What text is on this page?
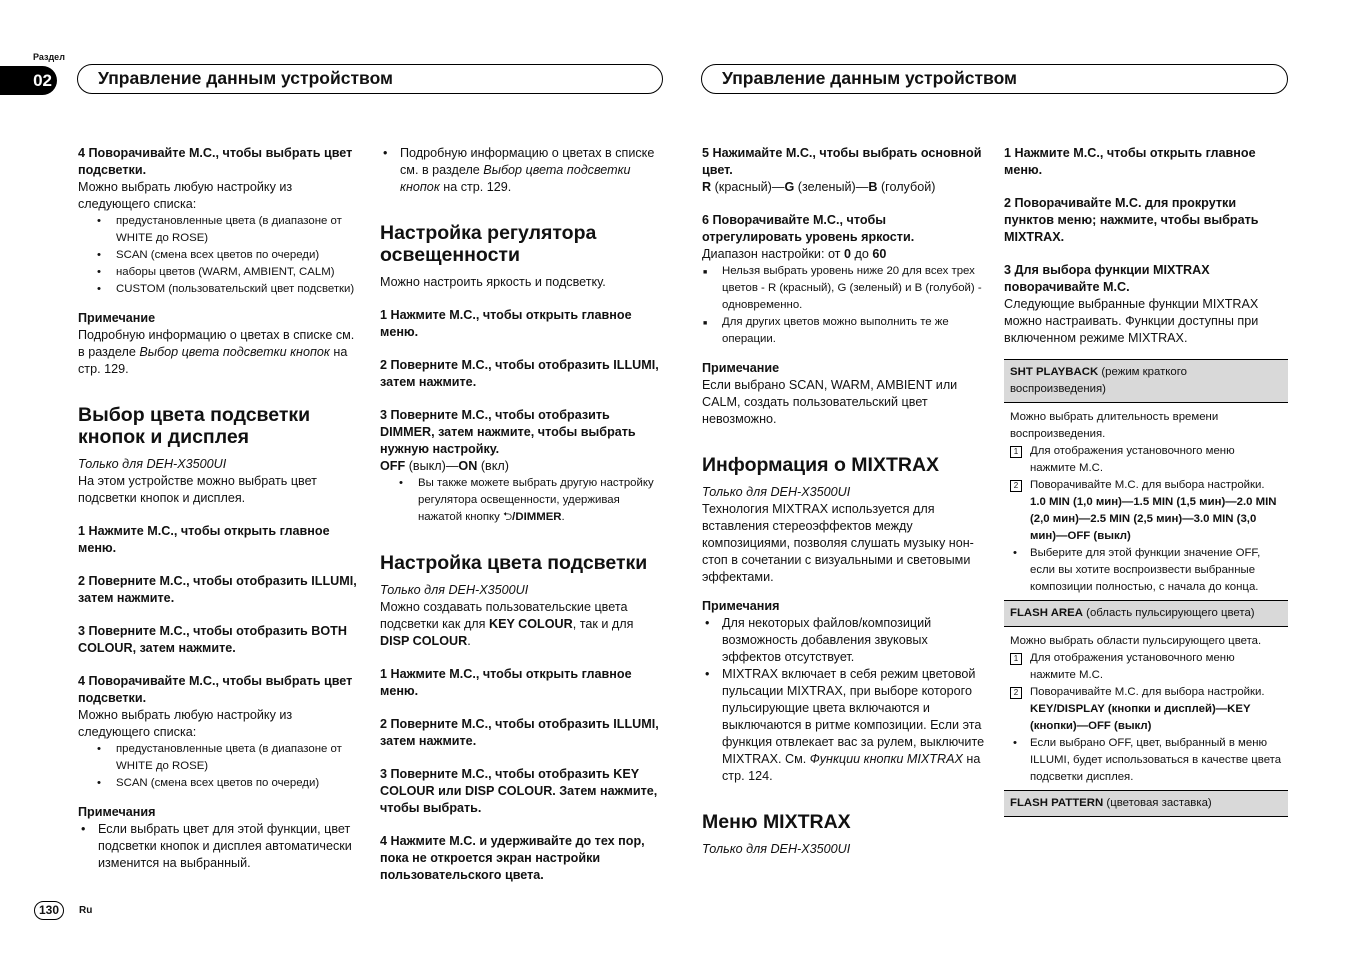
Раздел
02	Управление данным устройством	Управление данным устройством

4 Поворачивайте M.C., чтобы выбрать цвет подсветки.

Можно выбрать любую настройку из следующего списка:

• предустановленные цвета (в диапазоне от WHITE до ROSE)
• SCAN (смена всех цветов по очереди)
• наборы цветов (WARM, AMBIENT, CALM)
• CUSTOM (пользовательский цвет подсветки)

Примечание

Подробную информацию о цветах в списке см. в разделе Выбор цвета подсветки кнопок на стр. 129.

Выбор цвета подсветки кнопок и дисплея

Только для DEH-X3500UI

На этом устройстве можно выбрать цвет подсветки кнопок и дисплея.

1 Нажмите M.C., чтобы открыть главное меню.

2 Поверните M.C., чтобы отобразить ILLUMI, затем нажмите.

3 Поверните M.C., чтобы отобразить BOTH COLOUR, затем нажмите.

4 Поворачивайте M.C., чтобы выбрать цвет подсветки.

Можно выбрать любую настройку из следующего списка:

• предустановленные цвета (в диапазоне от WHITE до ROSE)
• SCAN (смена всех цветов по очереди)

Примечания

• Если выбрать цвет для этой функции, цвет подсветки кнопок и дисплея автоматически изменится на выбранный.
• Подробную информацию о цветах в списке см. в разделе Выбор цвета подсветки кнопок на стр. 129.

Настройка регулятора освещенности

Можно настроить яркость и подсветку.

1 Нажмите M.C., чтобы открыть главное меню.

2 Поверните M.C., чтобы отобразить ILLUMI, затем нажмите.

3 Поверните M.C., чтобы отобразить DIMMER, затем нажмите, чтобы выбрать нужную настройку.

OFF (выкл)—ON (вкл)

• Вы также можете выбрать другую настройку регулятора освещенности, удерживая нажатой кнопку ⮌/DIMMER.

Настройка цвета подсветки

Только для DEH-X3500UI

Можно создавать пользовательские цвета подсветки как для KEY COLOUR, так и для DISP COLOUR.

1 Нажмите M.C., чтобы открыть главное меню.

2 Поверните M.C., чтобы отобразить ILLUMI, затем нажмите.

3 Поверните M.C., чтобы отобразить KEY COLOUR или DISP COLOUR. Затем нажмите, чтобы выбрать.

4 Нажмите M.C. и удерживайте до тех пор, пока не откроется экран настройки пользовательского цвета.

5 Нажимайте M.C., чтобы выбрать основной цвет.

R (красный)—G (зеленый)—B (голубой)

6 Поворачивайте M.C., чтобы отрегулировать уровень яркости.

Диапазон настройки: от 0 до 60

■ Нельзя выбрать уровень ниже 20 для всех трех цветов - R (красный), G (зеленый) и B (голубой) - одновременно.
■ Для других цветов можно выполнить те же операции.

Примечание

Если выбрано SCAN, WARM, AMBIENT или CALM, создать пользовательский цвет невозможно.

Информация о MIXTRAX

Только для DEH-X3500UI

Технология MIXTRAX используется для вставления стереоэффектов между композициями, позволяя слушать музыку нон-стоп в сочетании с визуальными и световыми эффектами.

Примечания

• Для некоторых файлов/композиций возможность добавления звуковых эффектов отсутствует.
• MIXTRAX включает в себя режим цветовой пульсации MIXTRAX, при выборе которого пульсирующие цвета включаются и выключаются в ритме композиции. Если эта функция отвлекает вас за рулем, выключите MIXTRAX. См. Функции кнопки MIXTRAX на стр. 124.

Меню MIXTRAX

Только для DEH-X3500UI

1 Нажмите M.C., чтобы открыть главное меню.

2 Поворачивайте M.C. для прокрутки пунктов меню; нажмите, чтобы выбрать MIXTRAX.

3 Для выбора функции MIXTRAX поворачивайте M.C.

Следующие выбранные функции MIXTRAX можно настраивать. Функции доступны при включенном режиме MIXTRAX.

SHT PLAYBACK (режим краткого воспроизведения)

Можно выбрать длительность времени воспроизведения.

1	Для отображения установочного меню нажмите M.C.

2	Поворачивайте M.C. для выбора настройки.

1.0 MIN (1,0 мин)—1.5 MIN (1,5 мин)—2.0 MIN (2,0 мин)—2.5 MIN (2,5 мин)—3.0 MIN (3,0 мин)—OFF (выкл)

• Выберите для этой функции значение OFF, если вы хотите воспроизвести выбранные композиции полностью, с начала до конца.
FLASH AREA (область пульсирующего цвета)

Можно выбрать области пульсирующего цвета.

1	Для отображения установочного меню нажмите M.C.

2	Поворачивайте M.C. для выбора настройки.

KEY/DISPLAY (кнопки и дисплей)—KEY (кнопки)—OFF (выкл)

• Если выбрано OFF, цвет, выбранный в меню ILLUMI, будет использоваться в качестве цвета подсветки дисплея.
FLASH PATTERN (цветовая заставка)
130	Ru
